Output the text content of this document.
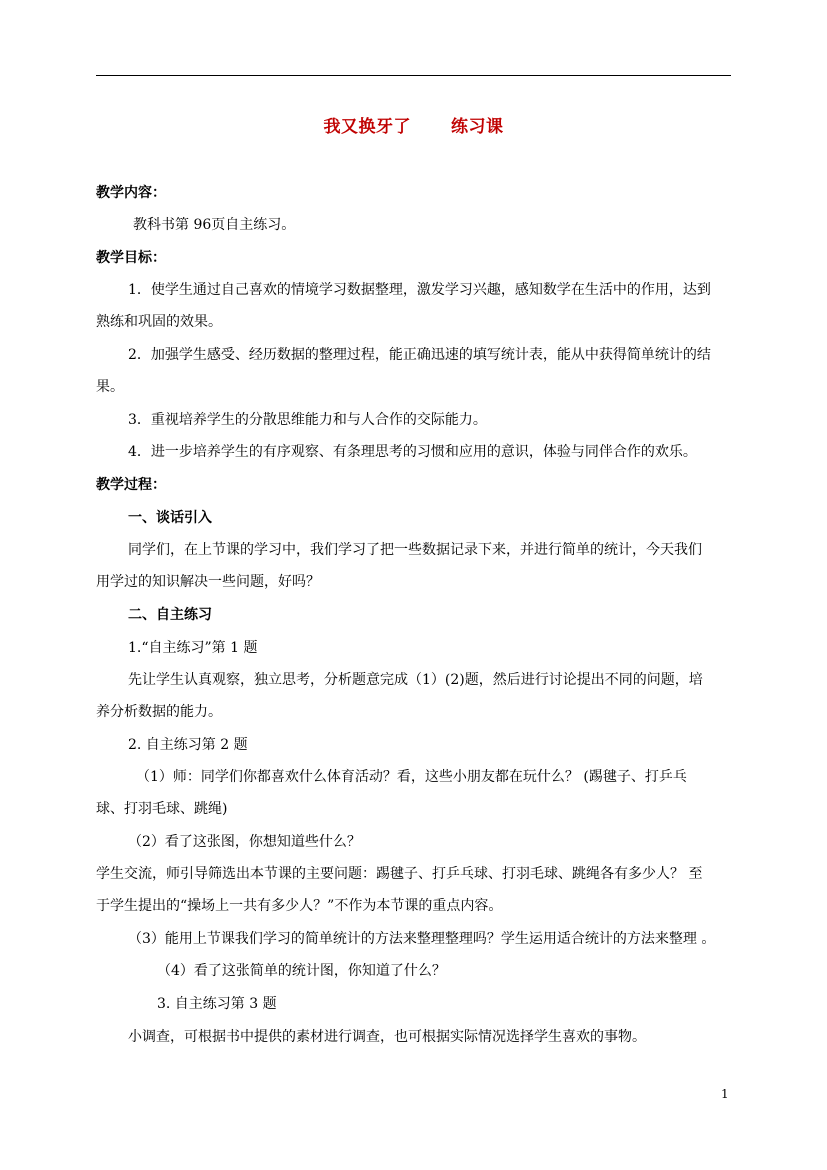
我又换牙了 练习课
教学内容：
教科书第 96页自主练习。
教学目标：
1．使学生通过自己喜欢的情境学习数据整理，激发学习兴趣，感知数学在生活中的作用，达到
熟练和巩固的效果。
2．加强学生感受、经历数据的整理过程，能正确迅速的填写统计表，能从中获得简单统计的结
果。
3．重视培养学生的分散思维能力和与人合作的交际能力。
4．进一步培养学生的有序观察、有条理思考的习惯和应用的意识，体验与同伴合作的欢乐。
教学过程：
一、谈话引入
同学们，在上节课的学习中，我们学习了把一些数据记录下来，并进行简单的统计，今天我们
用学过的知识解决一些问题，好吗？
二、自主练习
1.“自主练习”第 1 题
先让学生认真观察，独立思考，分析题意完成（1）(2)题，然后进行讨论提出不同的问题，培
养分析数据的能力。
2. 自主练习第 2 题
（1）师：同学们你都喜欢什么体育活动？看，这些小朋友都在玩什么？ (踢毽子、打乒乓
球、打羽毛球、跳绳)
（2）看了这张图，你想知道些什么？
学生交流，师引导筛选出本节课的主要问题：踢毽子、打乒乓球、打羽毛球、跳绳各有多少人？ 至
于学生提出的“操场上一共有多少人？”不作为本节课的重点内容。
（3）能用上节课我们学习的简单统计的方法来整理整理吗？学生运用适合统计的方法来整理 。
（4）看了这张简单的统计图，你知道了什么？
3. 自主练习第 3 题
小调查，可根据书中提供的素材进行调查，也可根据实际情况选择学生喜欢的事物。
1
